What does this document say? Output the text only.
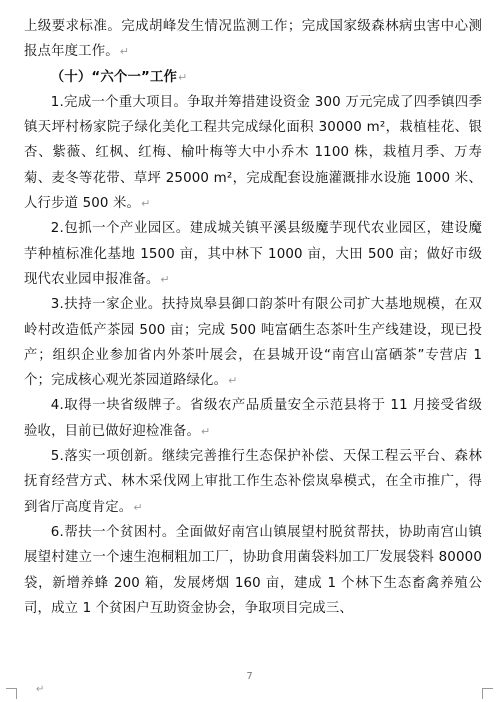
上级要求标准。完成胡峰发生情况监测工作；完成国家级森林病虫害中心测报点年度工作。↵

（十）“六个一”工作↵

1.完成一个重大项目。争取并筹措建设资金 300 万元完成了四季镇四季镇天坪村杨家院子绿化美化工程共完成绿化面积 30000 m²，栽植桂花、银杏、紫薇、红枫、红梅、榆叶梅等大中小乔木 1100 株，栽植月季、万寿菊、麦冬等花带、草坪 25000 m²，完成配套设施灌溉排水设施 1000 米、人行步道 500 米。↵

2.包抓一个产业园区。建成城关镇平溪县级魔芋现代农业园区，建设魔芋种植标准化基地 1500 亩，其中林下 1000 亩，大田 500 亩；做好市级现代农业园申报准备。↵

3.扶持一家企业。扶持岚皋县御口韵茶叶有限公司扩大基地规模，在双岭村改造低产茶园 500 亩；完成 500 吨富硒生态茶叶生产线建设，现已投产；组织企业参加省内外茶叶展会，在县城开设“南宫山富硒茶”专营店 1 个；完成核心观光茶园道路绿化。↵

4.取得一块省级牌子。省级农产品质量安全示范县将于 11 月接受省级验收，目前已做好迎检准备。↵

5.落实一项创新。继续完善推行生态保护补偿、天保工程云平台、森林抚育经营方式、林木采伐网上审批工作生态补偿岚皋模式，在全市推广，得到省厅高度肯定。↵

6.帮扶一个贫困村。全面做好南宫山镇展望村脱贫帮扶，协助南宫山镇展望村建立一个速生泡桐粗加工厂，协助食用菌袋料加工厂发展袋料 80000 袋，新增养蜂 200 箱，发展烤烟 160 亩，建成 1 个林下生态畜禽养殖公司，成立 1 个贫困户互助资金协会，争取项目完成三、

7
↵
